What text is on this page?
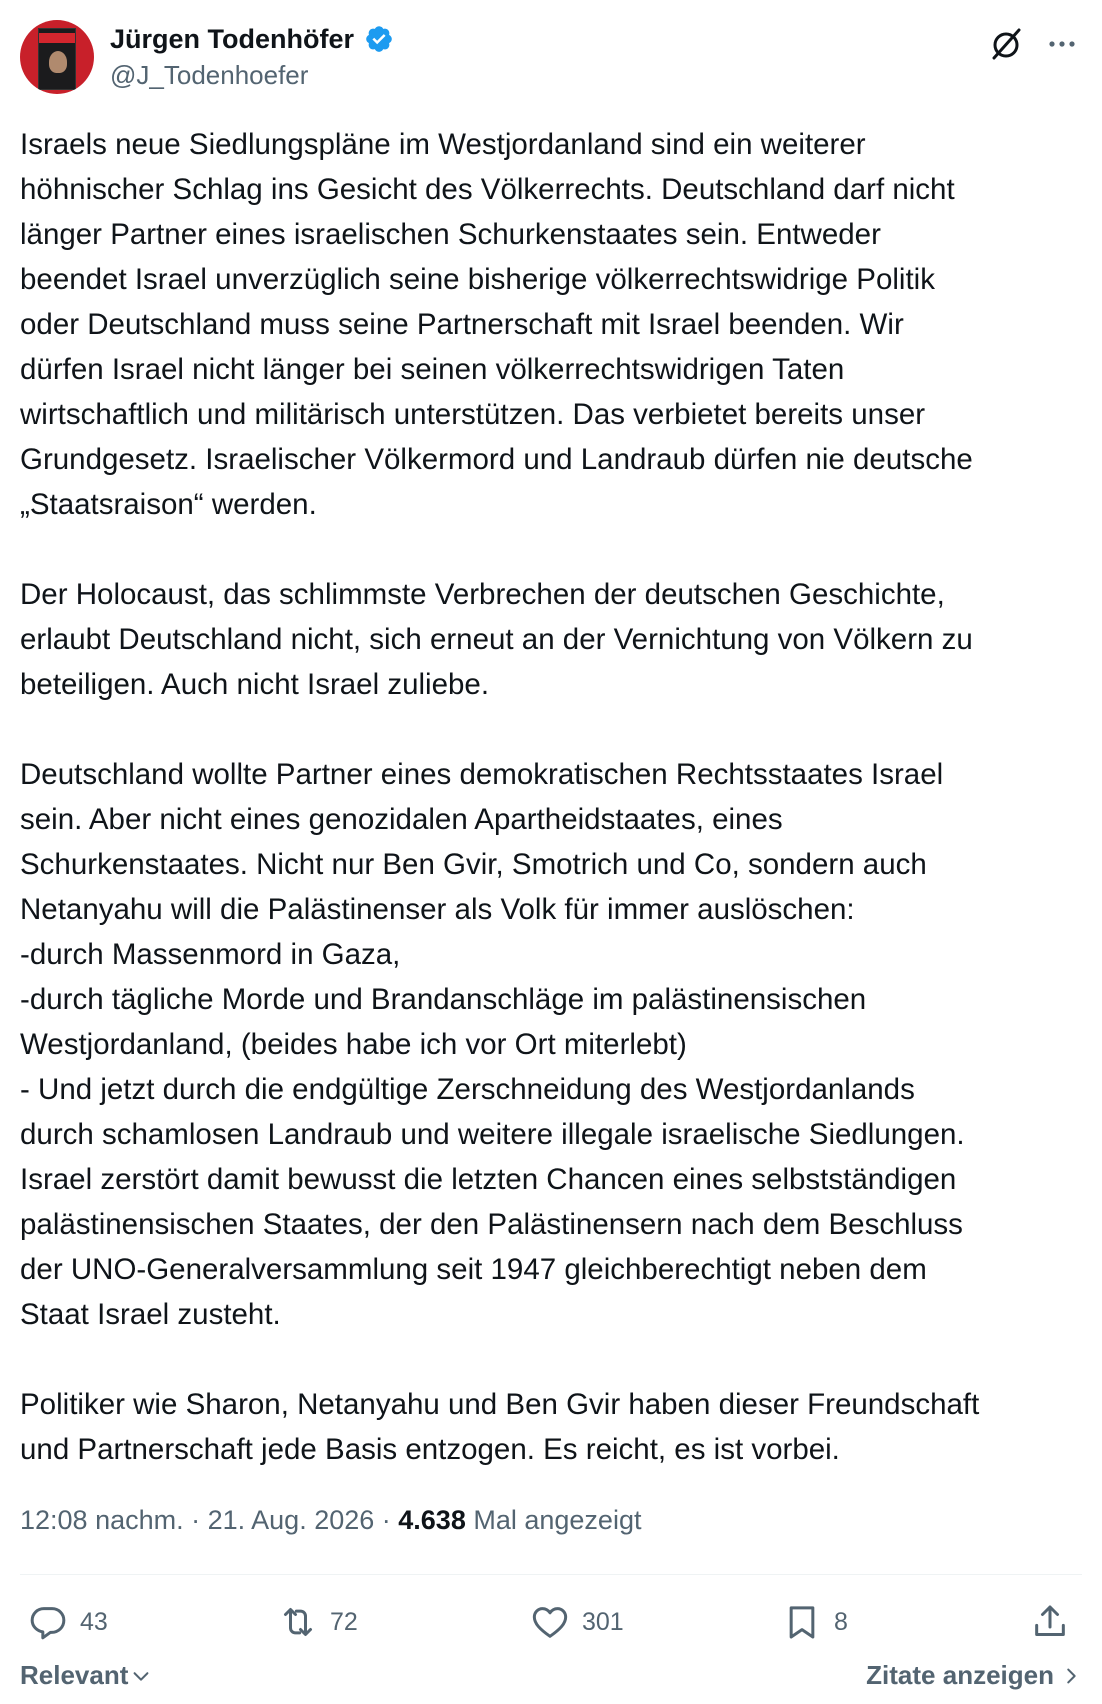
Jürgen Todenhöfer
@J_Todenhoefer
Israels neue Siedlungspläne im Westjordanland sind ein weiterer
höhnischer Schlag ins Gesicht des Völkerrechts. Deutschland darf nicht
länger Partner eines israelischen Schurkenstaates sein. Entweder
beendet Israel unverzüglich seine bisherige völkerrechtswidrige Politik
oder Deutschland muss seine Partnerschaft mit Israel beenden. Wir
dürfen Israel nicht länger bei seinen völkerrechtswidrigen Taten
wirtschaftlich und militärisch unterstützen. Das verbietet bereits unser
Grundgesetz. Israelischer Völkermord und Landraub dürfen nie deutsche
„Staatsraison“ werden.

Der Holocaust, das schlimmste Verbrechen der deutschen Geschichte,
erlaubt Deutschland nicht, sich erneut an der Vernichtung von Völkern zu
beteiligen. Auch nicht Israel zuliebe.

Deutschland wollte Partner eines demokratischen Rechtsstaates Israel
sein. Aber nicht eines genozidalen Apartheidstaates, eines
Schurkenstaates. Nicht nur Ben Gvir, Smotrich und Co, sondern auch
Netanyahu will die Palästinenser als Volk für immer auslöschen:
-durch Massenmord in Gaza,
-durch tägliche Morde und Brandanschläge im palästinensischen
Westjordanland, (beides habe ich vor Ort miterlebt)
- Und jetzt durch die endgültige Zerschneidung des Westjordanlands
durch schamlosen Landraub und weitere illegale israelische Siedlungen.
Israel zerstört damit bewusst die letzten Chancen eines selbstständigen
palästinensischen Staates, der den Palästinensern nach dem Beschluss
der UNO-Generalversammlung seit 1947 gleichberechtigt neben dem
Staat Israel zusteht.

Politiker wie Sharon, Netanyahu und Ben Gvir haben dieser Freundschaft
und Partnerschaft jede Basis entzogen. Es reicht, es ist vorbei.
12:08 nachm. · 21. Aug. 2026 · 4.638 Mal angezeigt
43	72	301	8
Relevant	Zitate anzeigen
